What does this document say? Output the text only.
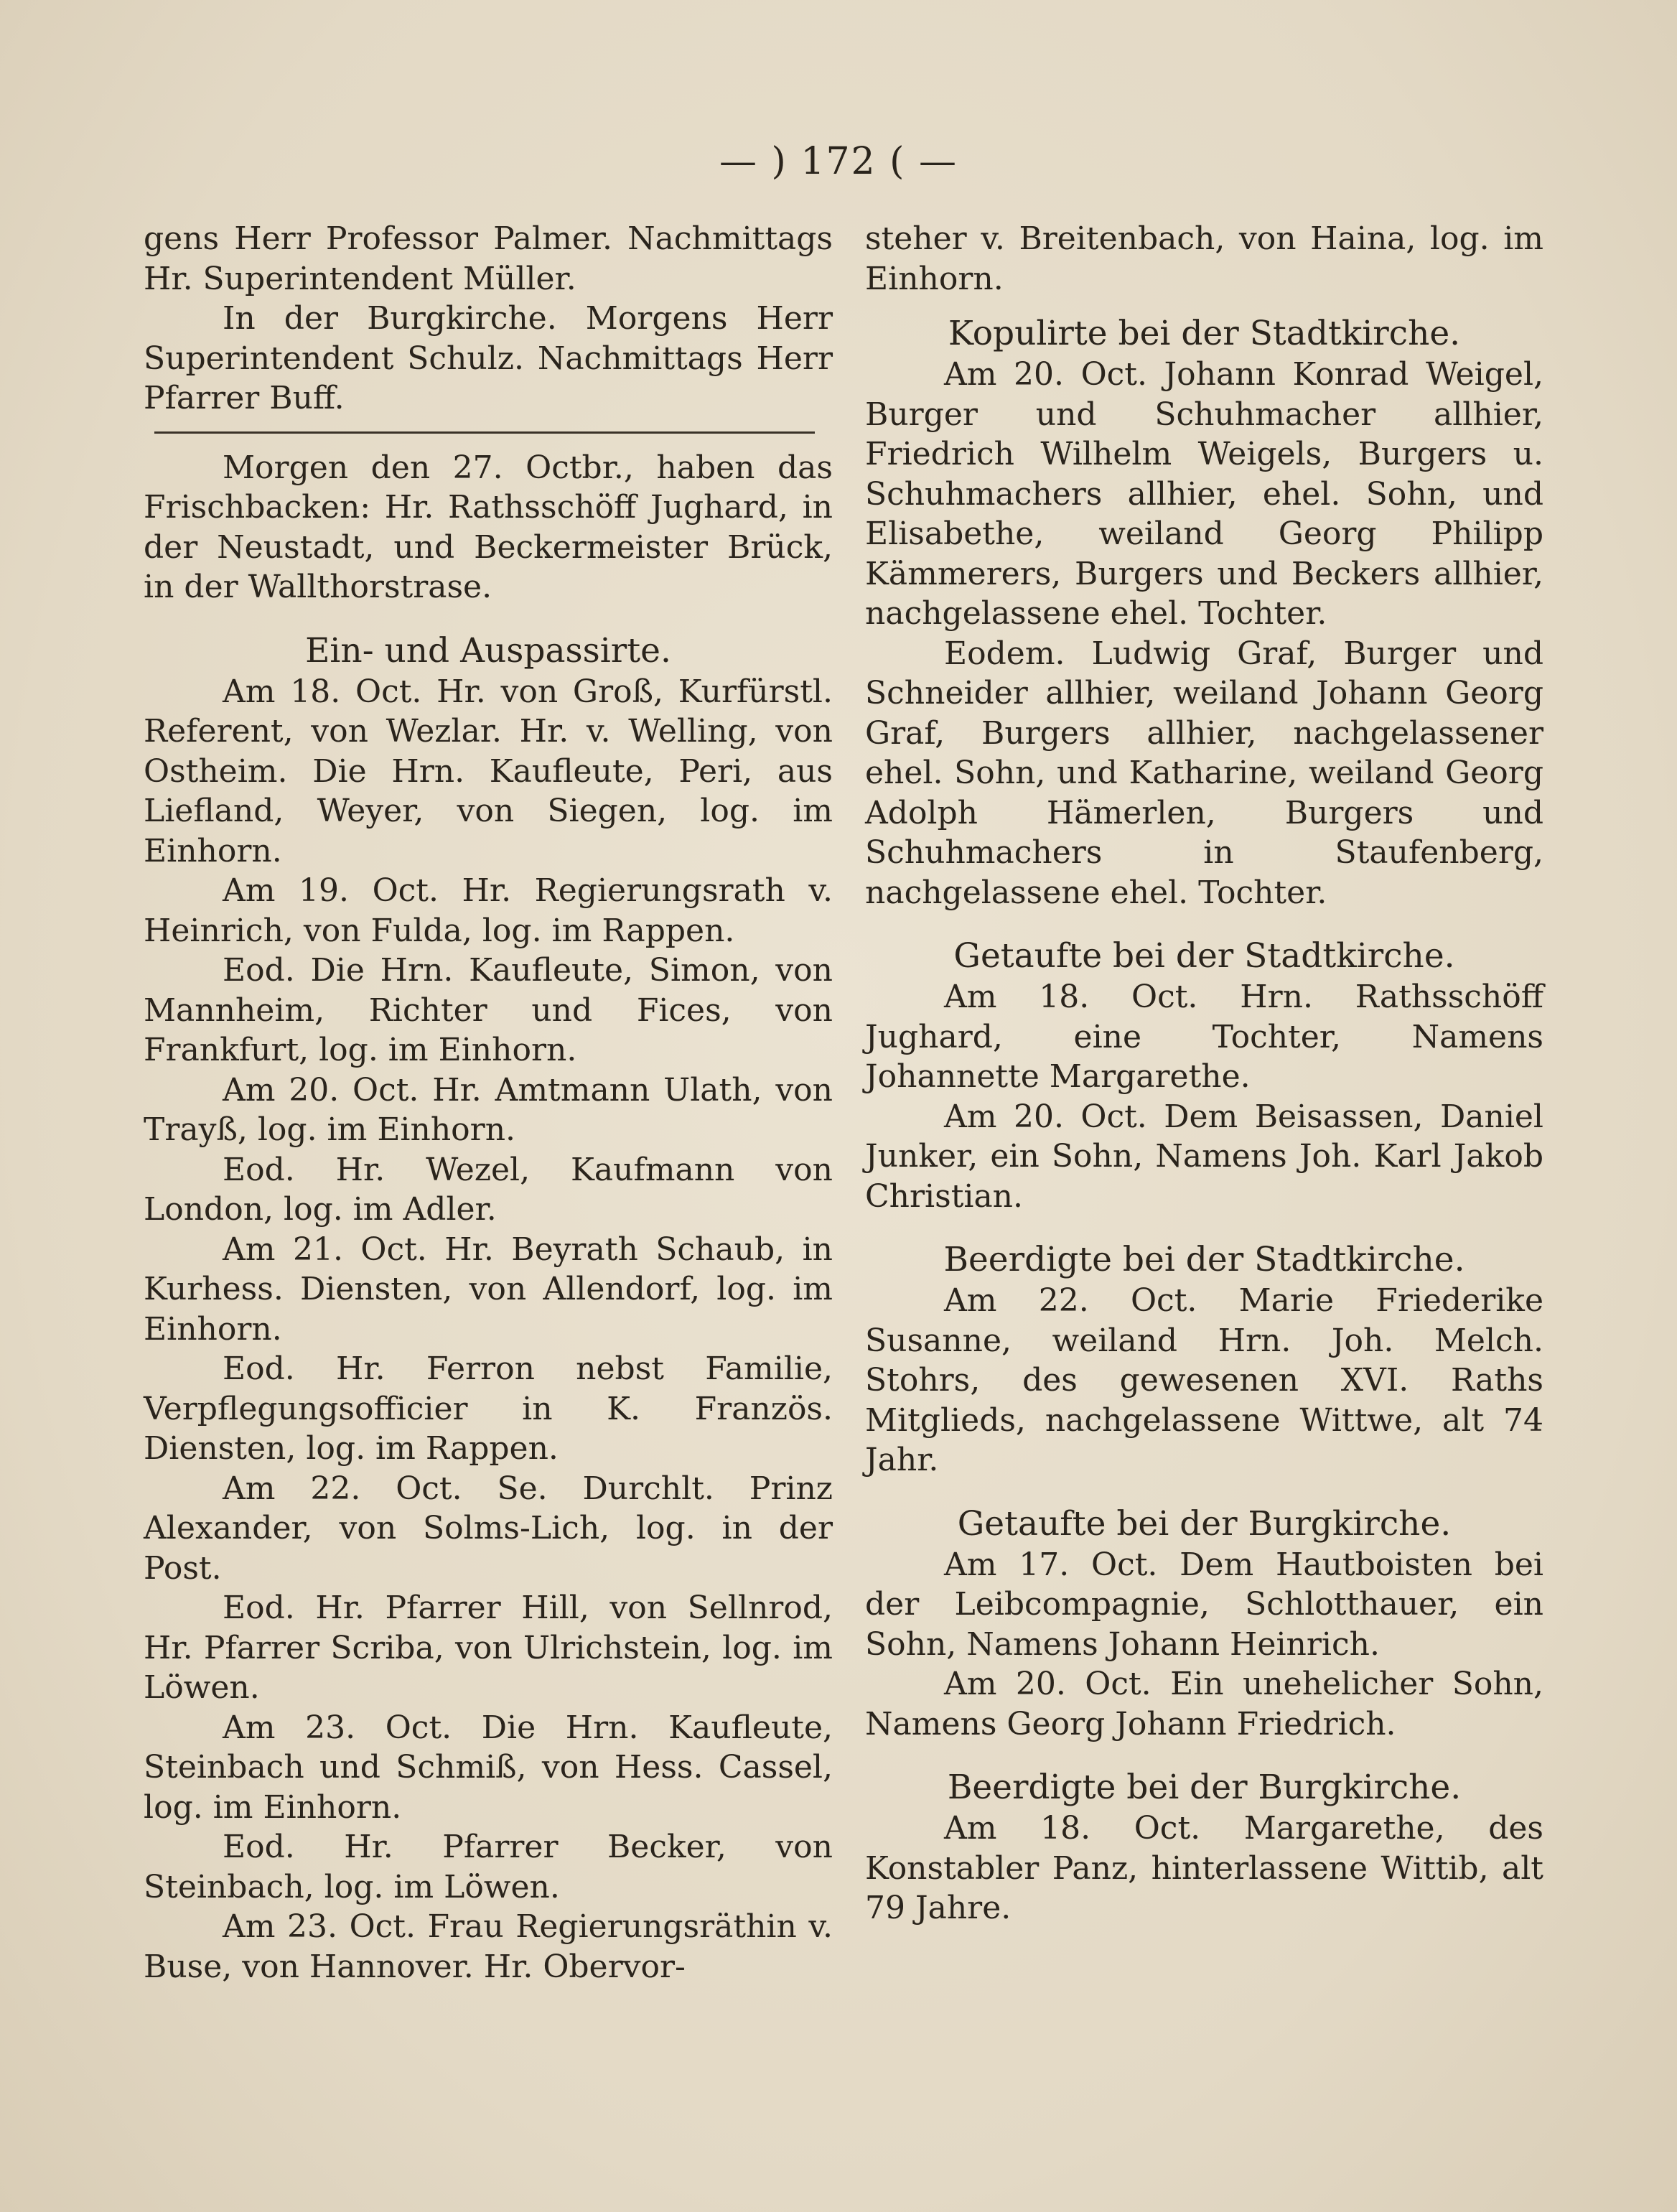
— ) 172 ( —

gens Herr Professor Palmer. Nachmittags Hr. Superintendent Müller.

In der Burgkirche. Morgens Herr Superintendent Schulz. Nachmittags Herr Pfarrer Buff.

Morgen den 27. Octbr., haben das Frischbacken: Hr. Rathsschöff Jughard, in der Neustadt, und Beckermeister Brück, in der Wallthorstrase.

Ein- und Auspassirte.

Am 18. Oct. Hr. von Groß, Kurfürstl. Referent, von Wezlar. Hr. v. Welling, von Ostheim. Die Hrn. Kaufleute, Peri, aus Liefland, Weyer, von Siegen, log. im Einhorn.

Am 19. Oct. Hr. Regierungsrath v. Heinrich, von Fulda, log. im Rappen.

Eod. Die Hrn. Kaufleute, Simon, von Mannheim, Richter und Fices, von Frankfurt, log. im Einhorn.

Am 20. Oct. Hr. Amtmann Ulath, von Trayß, log. im Einhorn.

Eod. Hr. Wezel, Kaufmann von London, log. im Adler.

Am 21. Oct. Hr. Beyrath Schaub, in Kurhess. Diensten, von Allendorf, log. im Einhorn.

Eod. Hr. Ferron nebst Familie, Verpflegungsofficier in K. Französ. Diensten, log. im Rappen.

Am 22. Oct. Se. Durchlt. Prinz Alexander, von Solms-Lich, log. in der Post.

Eod. Hr. Pfarrer Hill, von Sellnrod, Hr. Pfarrer Scriba, von Ulrichstein, log. im Löwen.

Am 23. Oct. Die Hrn. Kaufleute, Steinbach und Schmiß, von Hess. Cassel, log. im Einhorn.

Eod. Hr. Pfarrer Becker, von Steinbach, log. im Löwen.

Am 23. Oct. Frau Regierungsräthin v. Buse, von Hannover. Hr. Obervor-

steher v. Breitenbach, von Haina, log. im Einhorn.

Kopulirte bei der Stadtkirche.

Am 20. Oct. Johann Konrad Weigel, Burger und Schuhmacher allhier, Friedrich Wilhelm Weigels, Burgers u. Schuhmachers allhier, ehel. Sohn, und Elisabethe, weiland Georg Philipp Kämmerers, Burgers und Beckers allhier, nachgelassene ehel. Tochter.

Eodem. Ludwig Graf, Burger und Schneider allhier, weiland Johann Georg Graf, Burgers allhier, nachgelassener ehel. Sohn, und Katharine, weiland Georg Adolph Hämerlen, Burgers und Schuhmachers in Staufenberg, nachgelassene ehel. Tochter.

Getaufte bei der Stadtkirche.

Am 18. Oct. Hrn. Rathsschöff Jughard, eine Tochter, Namens Johannette Margarethe.

Am 20. Oct. Dem Beisassen, Daniel Junker, ein Sohn, Namens Joh. Karl Jakob Christian.

Beerdigte bei der Stadtkirche.

Am 22. Oct. Marie Friederike Susanne, weiland Hrn. Joh. Melch. Stohrs, des gewesenen XVI. Raths Mitglieds, nachgelassene Wittwe, alt 74 Jahr.

Getaufte bei der Burgkirche.

Am 17. Oct. Dem Hautboisten bei der Leibcompagnie, Schlotthauer, ein Sohn, Namens Johann Heinrich.

Am 20. Oct. Ein unehelicher Sohn, Namens Georg Johann Friedrich.

Beerdigte bei der Burgkirche.

Am 18. Oct. Margarethe, des Konstabler Panz, hinterlassene Wittib, alt 79 Jahre.
